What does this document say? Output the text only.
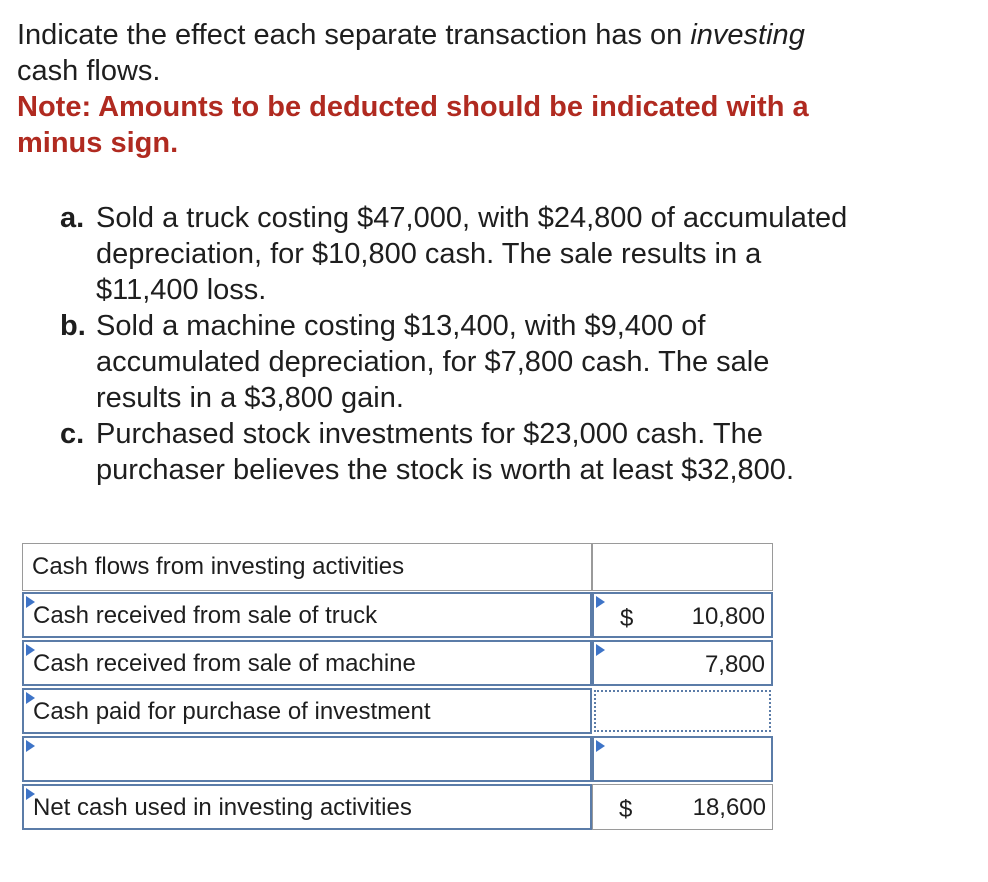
Indicate the effect each separate transaction has on investing
cash flows.
Note: Amounts to be deducted should be indicated with a
minus sign.
a. Sold a truck costing $47,000, with $24,800 of accumulated
depreciation, for $10,800 cash. The sale results in a
$11,400 loss.
b. Sold a machine costing $13,400, with $9,400 of
accumulated depreciation, for $7,800 cash. The sale
results in a $3,800 gain.
c. Purchased stock investments for $23,000 cash. The
purchaser believes the stock is worth at least $32,800.
Cash flows from investing activities
Cash received from sale of truck	$ 10,800
Cash received from sale of machine	7,800
Cash paid for purchase of investment
Net cash used in investing activities	$	18,600
